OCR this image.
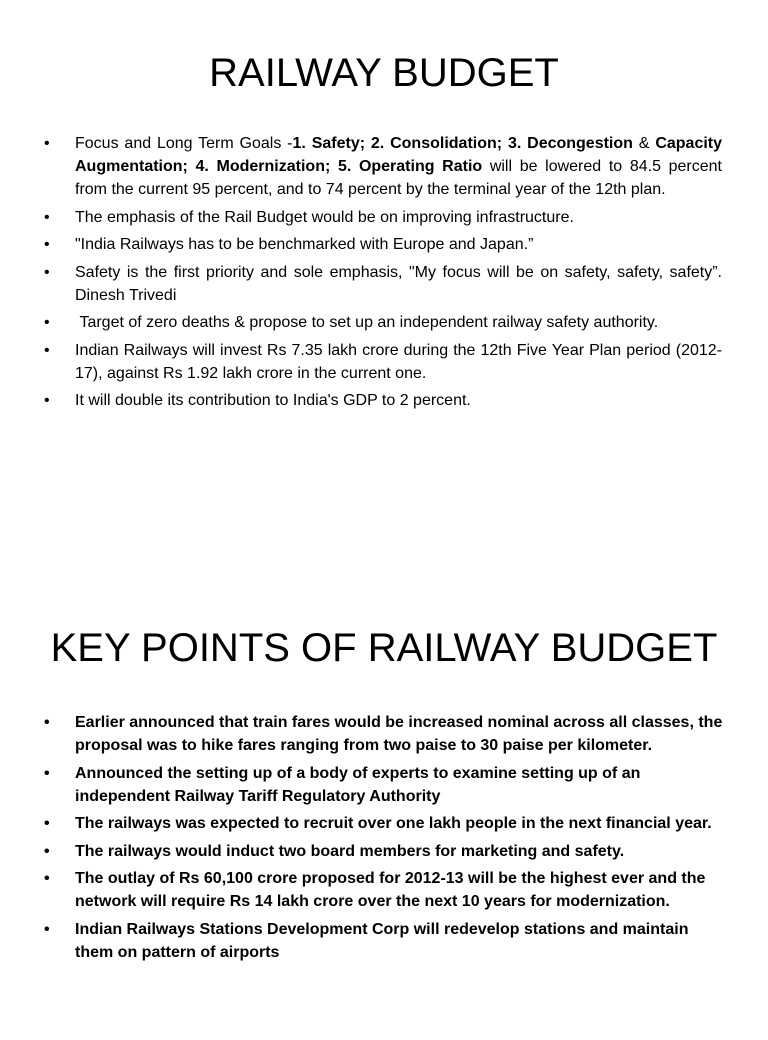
RAILWAY BUDGET
• Focus and Long Term Goals -1. Safety; 2. Consolidation; 3. Decongestion & Capacity Augmentation; 4. Modernization; 5. Operating Ratio will be lowered to 84.5 percent from the current 95 percent, and to 74 percent by the terminal year of the 12th plan.
• The emphasis of the Rail Budget would be on improving infrastructure.
• "India Railways has to be benchmarked with Europe and Japan.”
• Safety is the first priority and sole emphasis, "My focus will be on safety, safety, safety”. Dinesh Trivedi
•  Target of zero deaths & propose to set up an independent railway safety authority.
• Indian Railways will invest Rs 7.35 lakh crore during the 12th Five Year Plan period (2012-17), against Rs 1.92 lakh crore in the current one.
• It will double its contribution to India's GDP to 2 percent.
KEY POINTS OF RAILWAY BUDGET
• Earlier announced that train fares would be increased nominal across all classes, the proposal was to hike fares ranging from two paise to 30 paise per kilometer.
• Announced the setting up of a body of experts to examine setting up of an independent Railway Tariff Regulatory Authority
• The railways was expected to recruit over one lakh people in the next financial year.
• The railways would induct two board members for marketing and safety.
• The outlay of Rs 60,100 crore proposed for 2012-13 will be the highest ever and the network will require Rs 14 lakh crore over the next 10 years for modernization.
• Indian Railways Stations Development Corp will redevelop stations and maintain them on pattern of airports
